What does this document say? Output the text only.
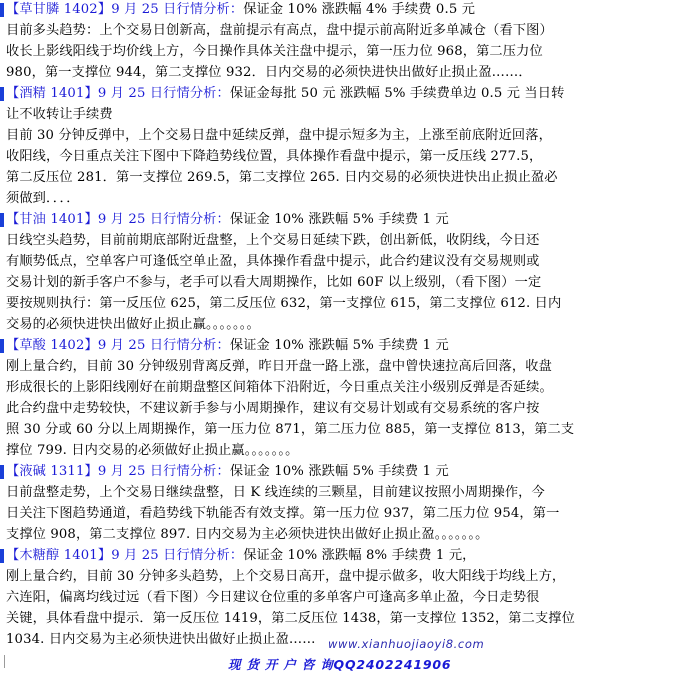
【草甘膦 1402】9 月 25 日行情分析：保证金 10% 涨跌幅 4% 手续费 0.5 元
目前多头趋势：上个交易日创新高，盘前提示有高点，盘中提示前高附近多单减仓（看下图）
收长上影线阳线于均价线上方，今日操作具体关注盘中提示，第一压力位 968，第二压力位
980，第一支撑位 944，第二支撑位 932．日内交易的必须快进快出做好止损止盈……．
【酒精 1401】9 月 25 日行情分析：保证金每批 50 元 涨跌幅 5% 手续费单边 0.5 元 当日转
让不收转让手续费
目前 30 分钟反弹中，上个交易日盘中延续反弹，盘中提示短多为主，上涨至前底附近回落，
收阳线，今日重点关注下图中下降趋势线位置，具体操作看盘中提示，第一反压线 277.5，
第二反压位 281．第一支撑位 269.5，第二支撑位 265. 日内交易的必须快进快出止损止盈必
须做到．．．．
【甘油 1401】9 月 25 日行情分析：保证金 10% 涨跌幅 5% 手续费 1 元
日线空头趋势，目前前期底部附近盘整，上个交易日延续下跌，创出新低，收阴线，今日还
有顺势低点，空单客户可逢低空单止盈，具体操作看盘中提示，此合约建议没有交易规则或
交易计划的新手客户不参与，老手可以看大周期操作，比如 60F 以上级别，（看下图）一定
要按规则执行：第一反压位 625，第二反压位 632，第一支撑位 615，第二支撑位 612. 日内
交易的必须快进快出做好止损止赢。。。。。。。
【草酸 1402】9 月 25 日行情分析：保证金 10% 涨跌幅 5% 手续费 1 元
刚上量合约，目前 30 分钟级别背离反弹，昨日开盘一路上涨，盘中曾快速拉高后回落，收盘
形成很长的上影阳线刚好在前期盘整区间箱体下沿附近，今日重点关注小级别反弹是否延续。
此合约盘中走势较快，不建议新手参与小周期操作，建议有交易计划或有交易系统的客户按
照 30 分或 60 分以上周期操作，第一压力位 871，第二压力位 885，第一支撑位 813，第二支
撑位 799. 日内交易的必须做好止损止赢。。。。。。。
【液碱 1311】9 月 25 日行情分析：保证金 10% 涨跌幅 5% 手续费 1 元
日前盘整走势，上个交易日继续盘整，日 K 线连续的三颗星，目前建议按照小周期操作，今
日关注下图趋势通道，看趋势线下轨能否有效支撑。第一压力位 937，第二压力位 954，第一
支撑位 908，第二支撑位 897. 日内交易为主必须快进快出做好止损止盈。。。。。。。
【木糖醇 1401】9 月 25 日行情分析：保证金 10% 涨跌幅 8% 手续费 1 元，
刚上量合约，目前 30 分钟多头趋势，上个交易日高开，盘中提示做多，收大阳线于均线上方，
六连阳，偏离均线过远（看下图）今日建议仓位重的多单客户可逢高多单止盈，今日走势很
关键，具体看盘中提示．第一反压位 1419，第二反压位 1438，第一支撑位 1352，第二支撑位
1034. 日内交易为主必须快进快出做好止损止盈……	www.xianhuojiaoyi8.com
现 货 开 户 咨 询QQ2402241906
